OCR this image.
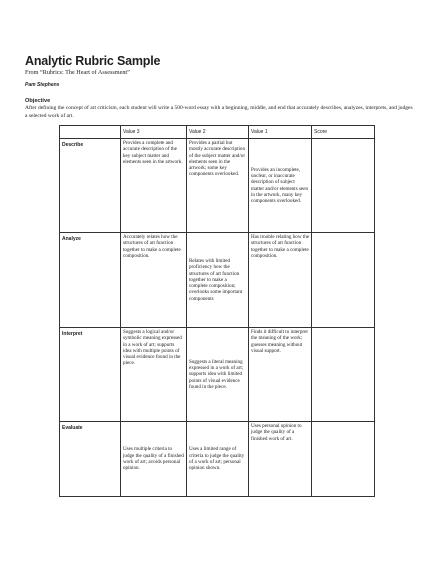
Analytic Rubric Sample
From “Rubrics: The Heart of Assessment”
Pam Stephens
Objective
After defining the concept of art criticism, each student will write a 500-word essay with a beginning, middle, and end that accurately describes, analyzes, interprets, and judges a selected work of art.
	Value 3	Value 2	Value 1	Score
Describe	Provides a complete and accurate description of the key subject matter and elements seen in the artwork.	Provides a partial but mostly accurate description of the subject matter and/or elements seen in the artwork; some key components overlooked.	Provides an incomplete, unclear, or inaccurate description of subject matter and/or elements seen in the artwork, many key components overlooked.	
Analyze	Accurately relates how the structures of art function together to make a complete composition.	Relates with limited proficiency how the structures of art function together to make a complete composition; overlooks some important components	Has trouble relating how the structures of art function together to make a complete composition.	
Interpret	Suggests a logical and/or symbolic meaning expressed in a work of art; supports idea with multiple points of visual evidence found in the piece.	Suggests a literal meaning expressed in a work of art; supports idea with limited points of visual evidence found in the piece.	Finds it difficult to interpret the meaning of the work; guesses meaning without visual support.	
Evaluate	Uses multiple criteria to judge the quality of a finished work of art; avoids personal opinion.	Uses a limited range of criteria to judge the quality of a work of art; personal opinion shown.	Uses personal opinion to judge the quality of a finished work of art.	
